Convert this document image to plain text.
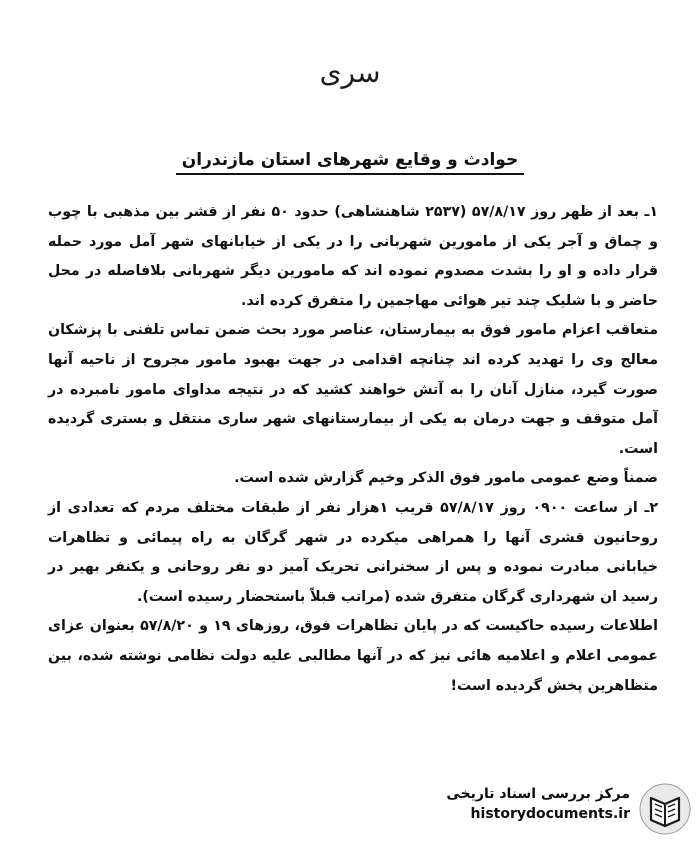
سری
حوادث و وقایع شهرهای استان مازندران

۱ـ بعد از ظهر روز ۵۷/۸/۱۷ (۲۵۳۷ شاهنشاهی) حدود ۵۰ نفر از قشر بین مذهبی با چوب و چماق و آجر یکی از مامورین شهربانی را در یکی از خیابانهای شهر آمل مورد حمله قرار داده و او را بشدت مصدوم نموده اند که مامورین دیگر شهربانی بلافاصله در محل حاضر و با شلیک چند تیر هوائی مهاجمین را متفرق کرده اند.

متعاقب اعزام مامور فوق به بیمارستان، عناصر مورد بحث ضمن تماس تلفنی با پزشکان معالج وی را تهدید کرده اند چنانچه اقدامی در جهت بهبود مامور مجروح از ناحیه آنها صورت گیرد، منازل آنان را به آتش خواهند کشید که در نتیجه مداوای مامور نامبرده در آمل متوقف و جهت درمان به یکی از بیمارستانهای شهر ساری منتقل و بستری گردیده است.

ضمناً وضع عمومی مامور فوق الذکر وخیم گزارش شده است.

۲ـ از ساعت ۰۹۰۰ روز ۵۷/۸/۱۷ قریب ۱هزار نفر از طبقات مختلف مردم که تعدادی از روحانیون قشری آنها را همراهی میکرده در شهر گرگان به راه پیمائی و تظاهرات خیابانی مبادرت نموده و پس از سخنرانی تحریک آمیز دو نفر روحانی و یکنفر بهیر در رسید ان شهرداری گرگان متفرق شده (مراتب قبلاً باستحضار رسیده است).

اطلاعات رسیده حاکیست که در پایان تظاهرات فوق، روزهای ۱۹ و ۵۷/۸/۲۰ بعنوان عزای عمومی اعلام و اعلامیه هائی نیز که در آنها مطالبی علیه دولت نظامی نوشته شده، بین متظاهرین پخش گردیده است!

مرکز بررسی اسناد تاریخی
historydocuments.ir
